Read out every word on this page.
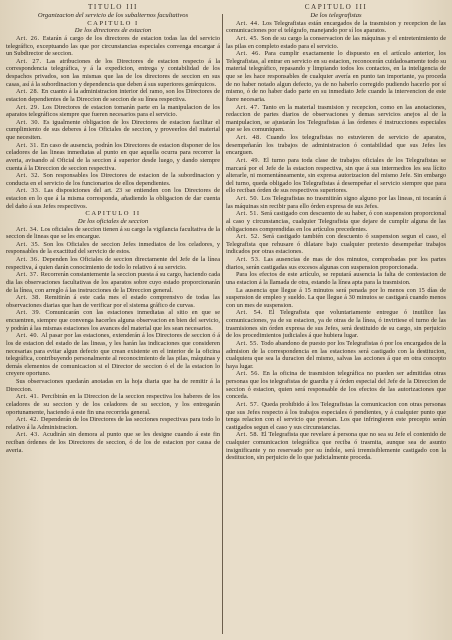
TITULO III
Organizacion del servicio de los subalternos facultativos
CAPITULO I
De los directores de estacion

Art. 26. Estarán á cargo de los directores de estacion todas las del servicio telegráfico, exceptuando las que por circunstancias especiales convenga encargar á un Subdirector de seccion.

Art. 27. Las atribuciones de los Directores de estacion respecto á la correspondencia telegráfica, y á la expedicion, entrega y contabilidad de los despachos privados, son las mismas que las de los directores de seccion en sus casas, así á la subordinacion y dependencia que deben á sus superiores gerárquicos.

Art. 28. En cuanto á la administracion interior del ramo, son los Directores de estacion dependientes de la Direccion de seccion de su línea respectiva.

Art. 29. Los Directores de estacion tomarán parte en la manipulacion de los aparatos telegráficos siempre que fueren necesarios para el servicio.

Art. 30. Es igualmente obligacion de los Directores de estacion facilitar el cumplimiento de sus deberes á los Oficiales de seccion, y proveerlos del material que necesiten.

Art. 31. En caso de ausencia, podrán los Directores de estacion disponer de los celadores de las lineas inmediatas al punto en que aquella ocurra para recorrer la averia, avisando al Oficial de la seccion á superior desde luego, y dando siempre cuenta á la Direccion de seccion respectiva.

Art. 32. Son responsables los Directores de estacion de la subordinacion y conducta en el servicio de los funcionarios de ellos dependientes.

Art. 33. Las disposiciones del art. 23 se entienden con los Directores de estacion en lo que á la misma corresponda, añadiendo la obligacion de dar cuenta del daño á sus Jefes respectivos.

CAPITULO II
De los oficiales de seccion

Art. 34. Los oficiales de seccion tienen á su cargo la vigilancia facultativa de la seccion de lineas que se les encargue.

Art. 35. Son los Oficiales de seccion Jefes inmediatos de los celadores, y responsables de la exactitud del servicio de estos.

Art. 36. Dependen los Oficiales de seccion directamente del Jefe de la línea respectiva, á quien darán conocimiento de todo lo relativo á su servicio.

Art. 37. Recorrerán constantemente la seccion puesta á su cargo, haciendo cada dia las observaciones facultativas de los aparatos sobre cuyo estado proporcionarán de la línea, con arreglo á las instrucciones de la Direccion general.

Art. 38. Remitirán á este cada mes el estado comprensivo de todas las observaciones diarias que han de verificar por el sistema gráfico de curvas.

Art. 39. Comunicarán con las estaciones inmediatas al sitio en que se encuentren, siempre que convenga hacerles alguna observacion en bien del servicio, y podrán á las mismas estaciones los avances del material que les sean necesarios.

Art. 40. Al pasar por las estaciones, extenderán á los Directores de seccion ó á los de estacion del estado de las lineas, y les harán las indicaciones que consideren necesarias para evitar algun defecto que crean existente en el interior de la oficina telegráfica, contribuyendo personalmente al reconocimiento de las pilas, máquinas y demás elementos de comunicacion si el Director de seccion ó el de la estacion lo creyere oportuno.

Sus observaciones quedarán anotadas en la hoja diaria que ha de remitir á la Direccion.

Art. 41. Percibirán en la Direccion de la seccion respectiva los haberes de los celadores de su seccion y de los celadores de su seccion, y los entregarán oportunamente, haciendo á este fin una recorrida general.

Art. 42. Dependerán de los Directores de las secciones respectivas para todo lo relativo á la Administracion.

Art. 43. Acudirán sin demora al punto que se les designe cuando á este fin reciban órdenes de los Directores de seccion, ó de los de estacion por causa de averia.

CAPITULO III
De los telegrafistas

Art. 44. Los Telegrafistas están encargados de la trasmision y recepcion de las comunicaciones por el telégrafo, manejando por sí los aparatos.

Art. 45. Son de su cargo la conservacion de las máquinas y el entretenimiento de las pilas en completo estado para el servicio.

Art. 46. Para cumplir exactamente lo dispuesto en el artículo anterior, los Telegrafistas, al entrar en servicio en su estacion, reconocerán cuidadosamente todo su material telegráfico, repasando y limpiando todos los contactos, en la inteligencia de que se les hace responsables de cualquier avería en punto tan importante, ya proceda de no haber notado algun defecto, ya de no haberlo corregido pudiendo hacerlo por sí mismo, ó de no haber dado parte en su inmediato Jefe cuando la intervencion de este fuere necesaria.

Art. 47. Tanto en la material trasmision y recepcion, como en las anotaciones, redaccion de partes diarios de observaciones y demas servicios anejos al de la manipulacion, se ajustarán los Telegrafistas á las órdenes é instrucciones especiales que se les comuniquen.

Art. 48. Cuando los telegrafistas no estuvieren de servicio de aparatos, desempeñarán los trabajos de administracion ó contabilidad que sus Jefes les encarguen.

Art. 49. El turno para toda clase de trabajos oficiales de los Telegrafistas se marcará por el Jefe de la estacion respectiva, sin que á sus intermedios les sea lícito alterarle, ni momentáneamente, sin expresa autorizacion del mismo Jefe. Sin embargo del turno, queda obligado los Telegrafistas á desempeñar el servicio siempre que para ello reciban órden de sus respectivos superiores.

Art. 50. Los Telegrafistas no trasmitirán signo alguno por las lineas, ni tocarán á las máquinas sin recibir para ello órden expresa de sus Jefes.

Art. 51. Será castigado con descuento de su haber, ó con suspension proporcional al caso y circunstancias, cualquier Telegrafista que dejare de cumplir alguna de las obligaciones comprendidas en los artículos precedentes.

Art. 52. Será castigado también con descuento ó suspension segun el caso, el Telegrafista que rehusare ó dilatare bajo cualquier pretexto desempeñar trabajos indicados por otras estaciones.

Art. 53. Las ausencias de mas de dos minutos, comprobadas por los partes diarios, serán castigadas sus excesos algunas con suspension proporcionada.

Para los efectos de este artículo, se reputará ausencia la falta de contestacion de una estacion á la llamada de otra, estando la línea apta para la trasmision.

La ausencia que llegue á 15 minutos será penada por lo menos con 15 días de suspension de empleo y sueldo. La que llegue á 30 minutos se castigará cuando menos con un mes de suspension.

Art. 54. El Telegrafista que voluntariamente entregue ó inutilice las comunicaciones, ya de su estacion, ya de otras de la línea, ó invirtiese el turno de las trasmisiones sin órden expresa de sus Jefes, será destituido de su cargo, sin perjuicio de los procedimientos judiciales á que hubiera lugar.

Art. 55. Todo abandono de puesto por los Telegrafistas ó por los encargados de la admision de la correspondencia en las estaciones será castigado con la destitucion, cualquiera que sea la duracion del mismo, salvas las acciones á que en otra concepto haya lugar.

Art. 56. En la oficina de trasmision telegráfica no pueden ser admitidas otras personas que los telegrafistas de guardia y á órden especial del Jefe de la Direccion de seccion ó estacion, quien será responsable de los efectos de las autorizaciones que conceda.

Art. 57. Queda prohibido á los Telegrafistas la comunicacion con otras personas que sus Jefes respecto á los trabajos especiales ó pendientes, y á cualquier punto que tenga relacion con el servicio que prestan. Los que infringieren este precepto serán castigados segun el caso y sus circunstancias.

Art. 58. El Telegrafista que revelare á persona que no sea su Jefe el contenido de cualquier comunicacion telegráfica que reciba ó trasmita, aunque sea de asunto insignificante y no reservado por su índole, será irremisiblemente castigado con la destitucion, sin perjuicio de lo que judicialmente proceda.
